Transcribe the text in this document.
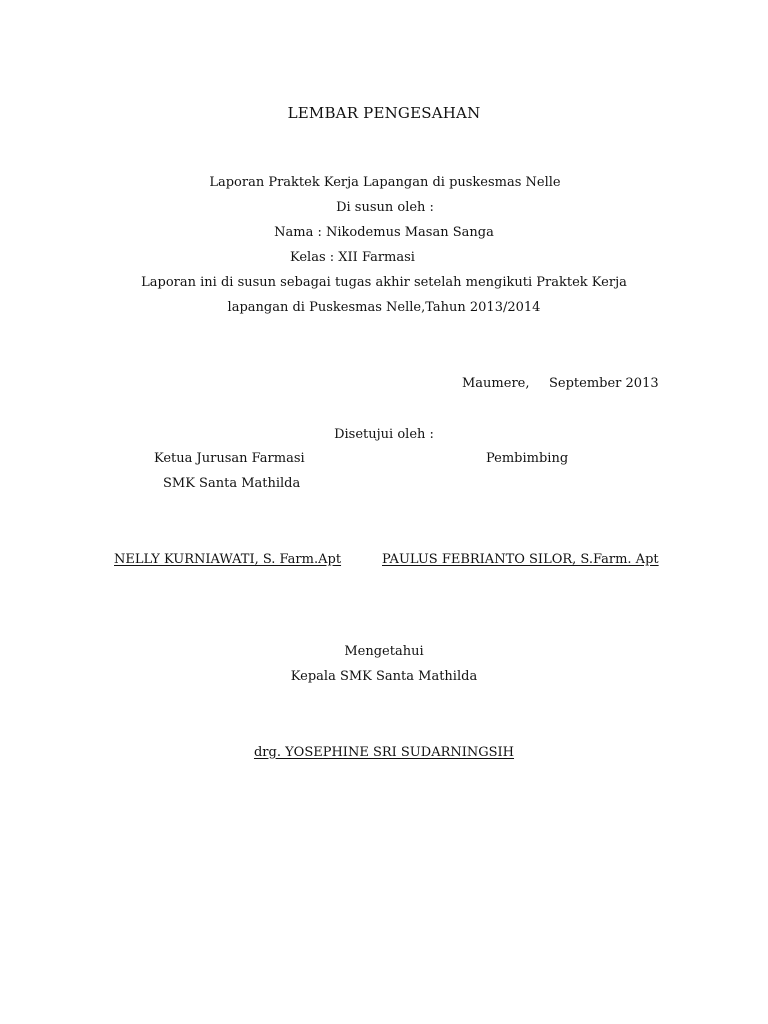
LEMBAR PENGESAHAN
Laporan Praktek Kerja Lapangan di puskesmas Nelle
Di susun oleh :
Nama : Nikodemus Masan Sanga
Kelas : XII Farmasi
Laporan ini di susun sebagai tugas akhir setelah mengikuti Praktek Kerja
lapangan di Puskesmas Nelle,Tahun 2013/2014
Maumere, September 2013
Disetujui oleh :
Ketua Jurusan Farmasi
SMK Santa Mathilda
Pembimbing
NELLY KURNIAWATI, S. Farm.Apt	PAULUS FEBRIANTO SILOR, S.Farm. Apt
Mengetahui
Kepala SMK Santa Mathilda
drg. YOSEPHINE SRI SUDARNINGSIH
